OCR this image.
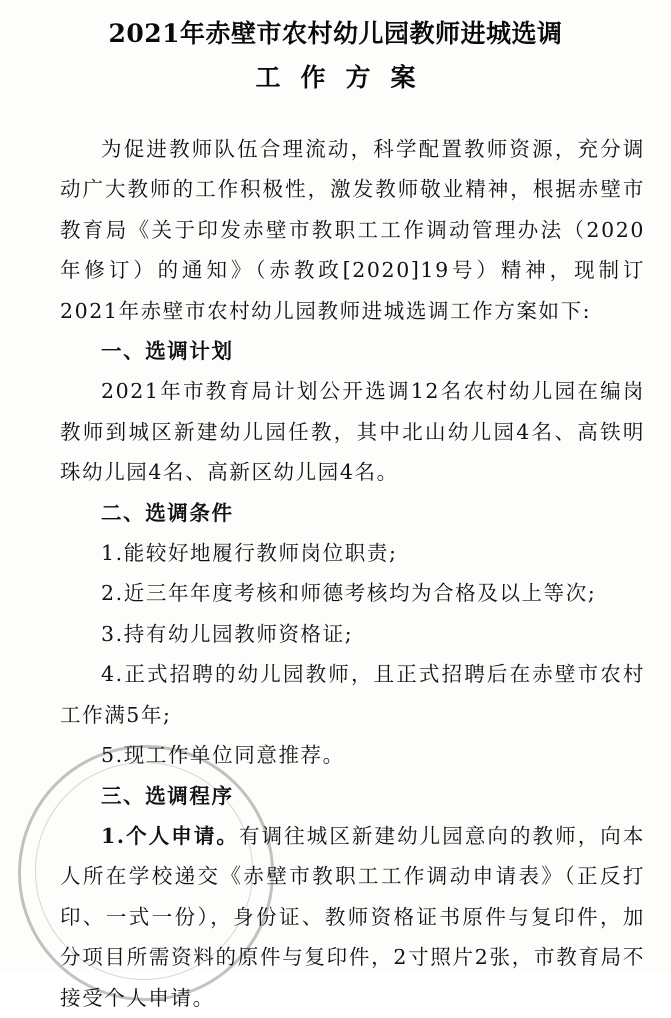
2021年赤壁市农村幼儿园教师进城选调
工作方案

为促进教师队伍合理流动，科学配置教师资源，充分调动广大教师的工作积极性，激发教师敬业精神，根据赤壁市教育局《关于印发赤壁市教职工工作调动管理办法（2020年修订）的通知》（赤教政[2020]19号）精神，现制订2021年赤壁市农村幼儿园教师进城选调工作方案如下:

一、选调计划

2021年市教育局计划公开选调12名农村幼儿园在编岗教师到城区新建幼儿园任教，其中北山幼儿园4名、高铁明珠幼儿园4名、高新区幼儿园4名。

二、选调条件

1.能较好地履行教师岗位职责;

2.近三年年度考核和师德考核均为合格及以上等次;

3.持有幼儿园教师资格证;

4.正式招聘的幼儿园教师，且正式招聘后在赤壁市农村工作满5年;

5.现工作单位同意推荐。

三、选调程序

1.个人申请。有调往城区新建幼儿园意向的教师，向本人所在学校递交《赤壁市教职工工作调动申请表》（正反打印、一式一份），身份证、教师资格证书原件与复印件，加分项目所需资料的原件与复印件，2寸照片2张，市教育局不接受个人申请。
